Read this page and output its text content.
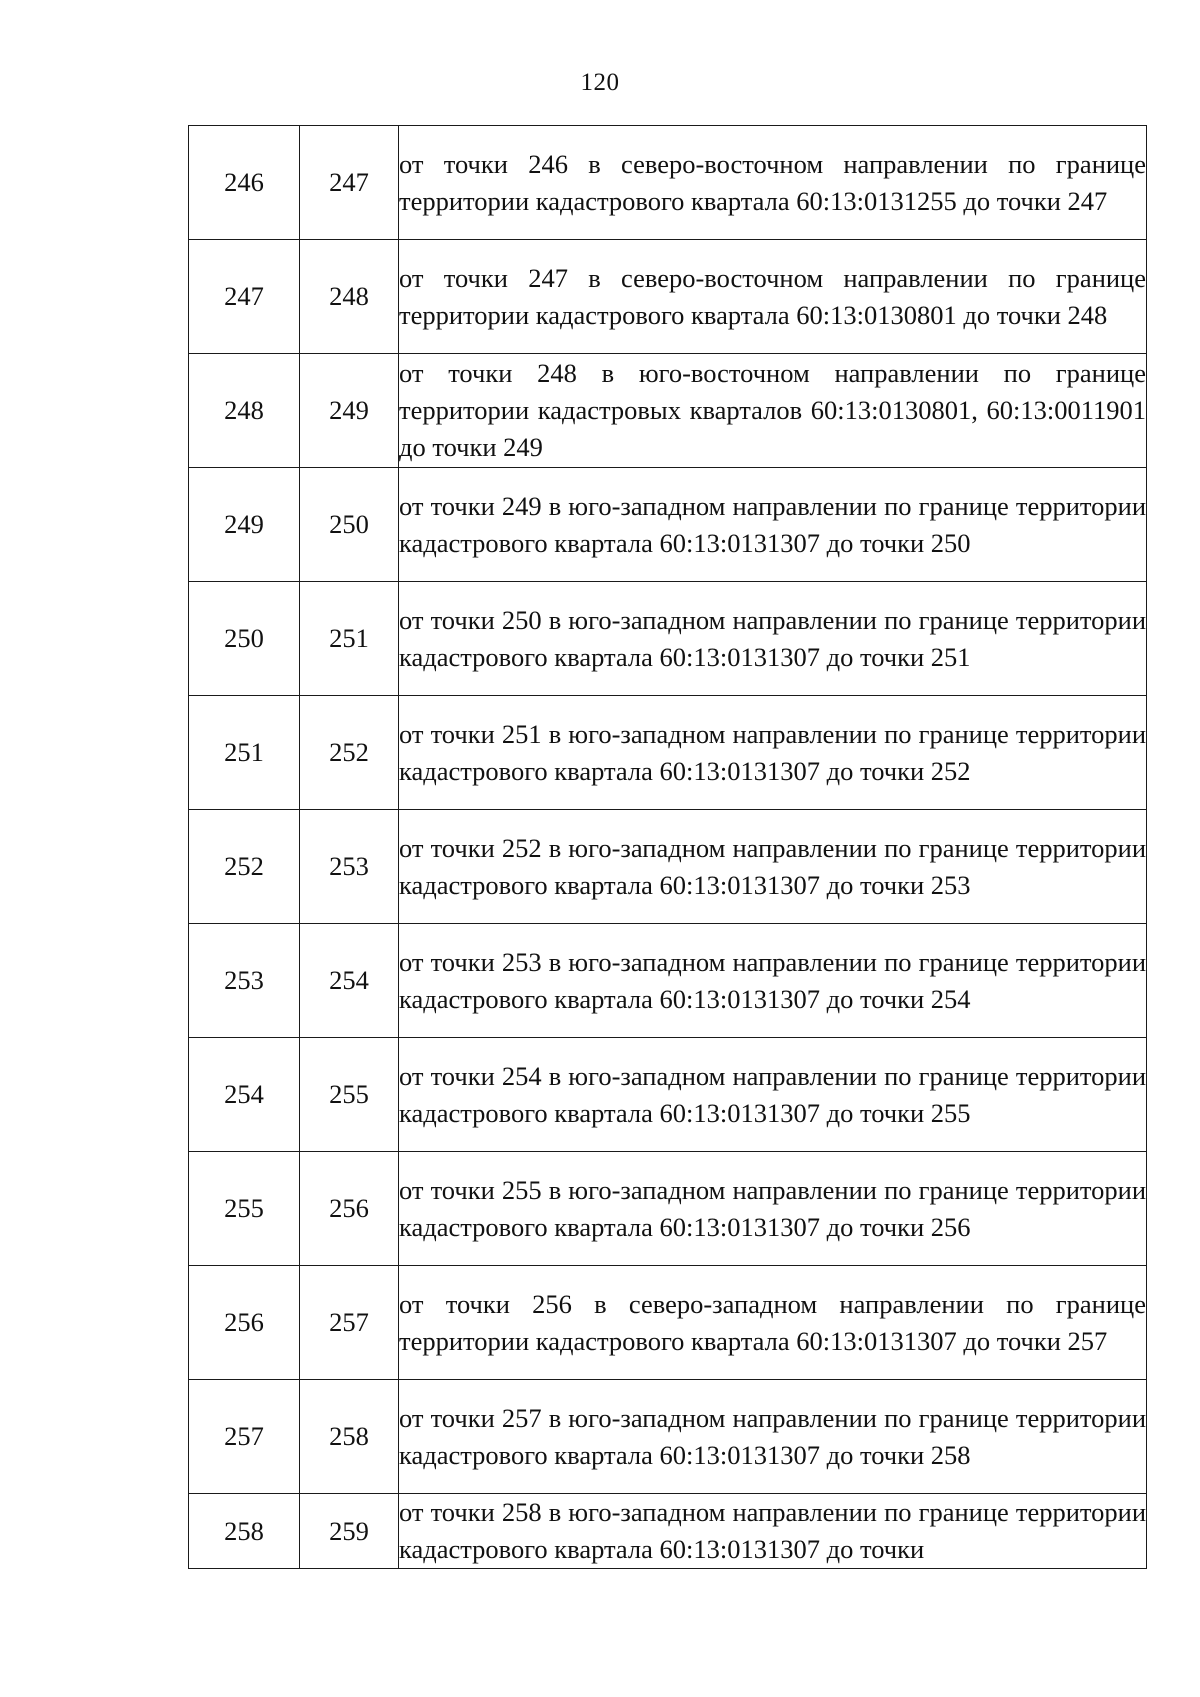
120
246	247	от точки 246 в северо-восточном направлении по границе территории кадастрового квартала 60:13:0131255 до точки 247
247	248	от точки 247 в северо-восточном направлении по границе территории кадастрового квартала 60:13:0130801 до точки 248
248	249	от точки 248 в юго-восточном направлении по границе территории кадастровых кварталов 60:13:0130801, 60:13:0011901 до точки 249
249	250	от точки 249 в юго-западном направлении по границе территории кадастрового квартала 60:13:0131307 до точки 250
250	251	от точки 250 в юго-западном направлении по границе территории кадастрового квартала 60:13:0131307 до точки 251
251	252	от точки 251 в юго-западном направлении по границе территории кадастрового квартала 60:13:0131307 до точки 252
252	253	от точки 252 в юго-западном направлении по границе территории кадастрового квартала 60:13:0131307 до точки 253
253	254	от точки 253 в юго-западном направлении по границе территории кадастрового квартала 60:13:0131307 до точки 254
254	255	от точки 254 в юго-западном направлении по границе территории кадастрового квартала 60:13:0131307 до точки 255
255	256	от точки 255 в юго-западном направлении по границе территории кадастрового квартала 60:13:0131307 до точки 256
256	257	от точки 256 в северо-западном направлении по границе территории кадастрового квартала 60:13:0131307 до точки 257
257	258	от точки 257 в юго-западном направлении по границе территории кадастрового квартала 60:13:0131307 до точки 258
258	259	от точки 258 в юго-западном направлении по границе территории кадастрового квартала 60:13:0131307 до точки
